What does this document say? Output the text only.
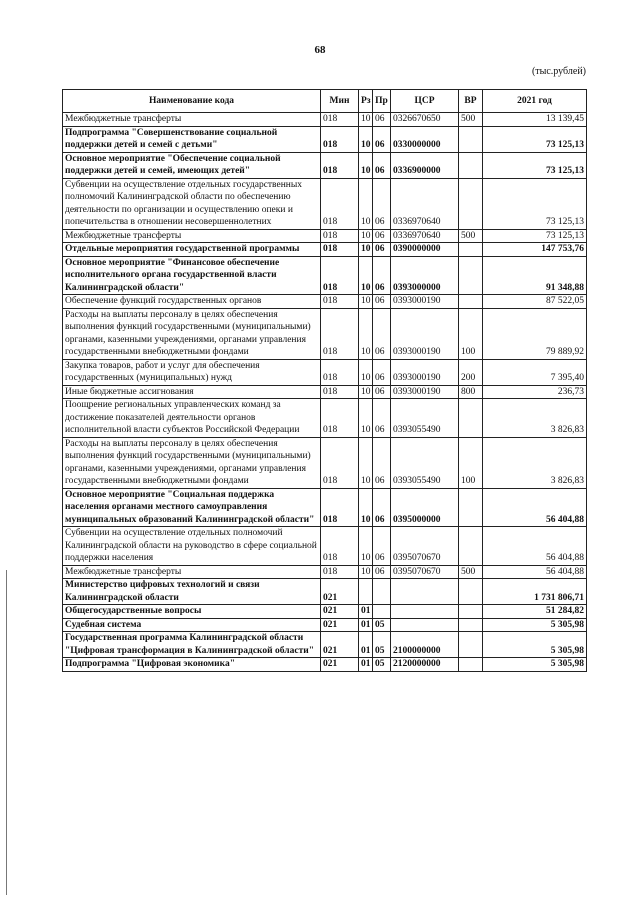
68
(тыс.рублей)
Наименование кода	Мин	Рз	Пр	ЦСР	ВР	2021 год
Межбюджетные трансферты	018	10	06	0326670650	500	13 139,45
Подпрограмма "Совершенствование социальной поддержки детей и семей с детьми"	018	10	06	0330000000		73 125,13
Основное мероприятие "Обеспечение социальной поддержки детей и семей, имеющих детей"	018	10	06	0336900000		73 125,13
Субвенции на осуществление отдельных государственных полномочий Калининградской области по обеспечению деятельности по организации и осуществлению опеки и попечительства в отношении несовершеннолетних	018	10	06	0336970640		73 125,13
Межбюджетные трансферты	018	10	06	0336970640	500	73 125,13
Отдельные мероприятия государственной программы	018	10	06	0390000000		147 753,76
Основное мероприятие "Финансовое обеспечение исполнительного органа государственной власти Калининградской области"	018	10	06	0393000000		91 348,88
Обеспечение функций государственных органов	018	10	06	0393000190		87 522,05
Расходы на выплаты персоналу в целях обеспечения выполнения функций государственными (муниципальными) органами, казенными учреждениями, органами управления государственными внебюджетными фондами	018	10	06	0393000190	100	79 889,92
Закупка товаров, работ и услуг для обеспечения государственных (муниципальных) нужд	018	10	06	0393000190	200	7 395,40
Иные бюджетные ассигнования	018	10	06	0393000190	800	236,73
Поощрение региональных управленческих команд за достижение показателей деятельности органов исполнительной власти субъектов Российской Федерации	018	10	06	0393055490		3 826,83
Расходы на выплаты персоналу в целях обеспечения выполнения функций государственными (муниципальными) органами, казенными учреждениями, органами управления государственными внебюджетными фондами	018	10	06	0393055490	100	3 826,83
Основное мероприятие "Социальная поддержка населения органами местного самоуправления муниципальных образований Калининградской области"	018	10	06	0395000000		56 404,88
Субвенции на осуществление отдельных полномочий Калининградской области на руководство в сфере социальной поддержки населения	018	10	06	0395070670		56 404,88
Межбюджетные трансферты	018	10	06	0395070670	500	56 404,88
Министерство цифровых технологий и связи Калининградской области	021					1 731 806,71
Общегосударственные вопросы	021	01				51 284,82
Судебная система	021	01	05			5 305,98
Государственная программа Калининградской области "Цифровая трансформация в Калининградской области"	021	01	05	2100000000		5 305,98
Подпрограмма "Цифровая экономика"	021	01	05	2120000000		5 305,98
